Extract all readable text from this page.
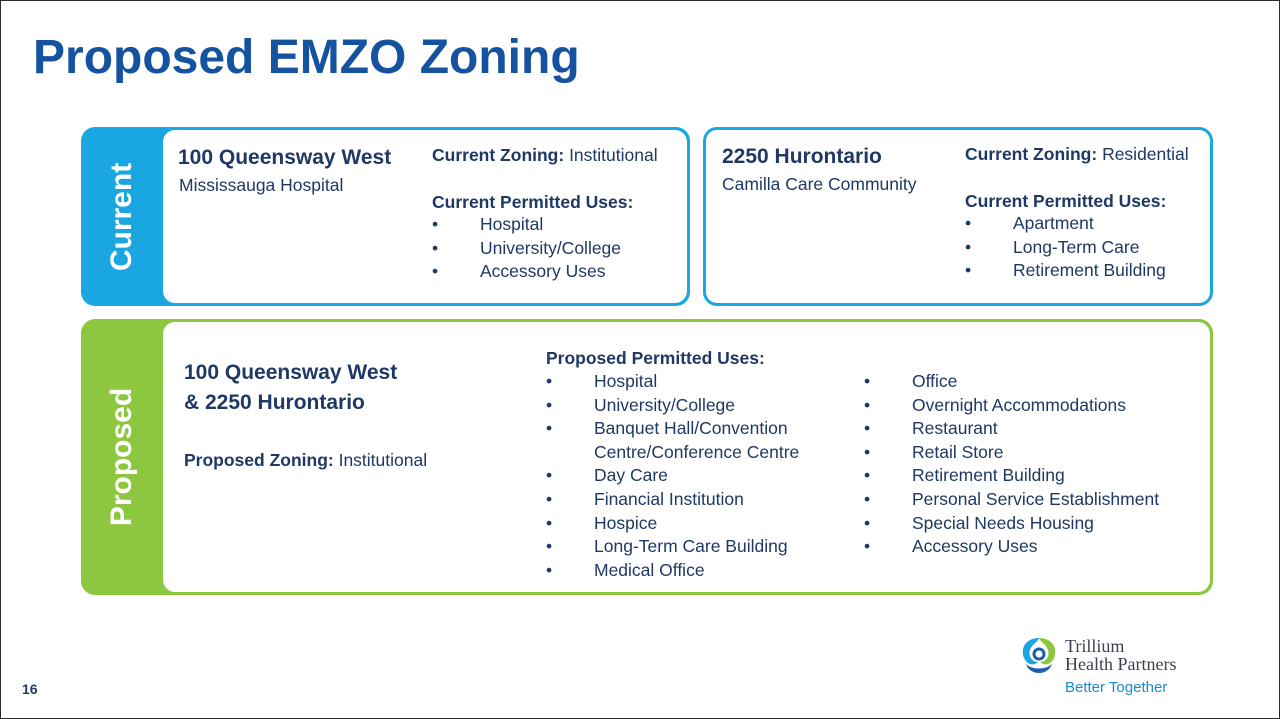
Proposed EMZO Zoning
Current
Proposed
100 Queensway West
Mississauga Hospital
Current Zoning: Institutional
Current Permitted Uses:
• Hospital
• University/College
• Accessory Uses
2250 Hurontario
Camilla Care Community
Current Zoning: Residential
Current Permitted Uses:
• Apartment
• Long-Term Care
• Retirement Building
100 Queensway West
& 2250 Hurontario
Proposed Zoning: Institutional
Proposed Permitted Uses:
• Hospital
• University/College
• Banquet Hall/Convention
Centre/Conference Centre
• Day Care
• Financial Institution
• Hospice
• Long-Term Care Building
• Medical Office
• Office
• Overnight Accommodations
• Restaurant
• Retail Store
• Retirement Building
• Personal Service Establishment
• Special Needs Housing
• Accessory Uses
16
Trillium
Health Partners
Better Together
